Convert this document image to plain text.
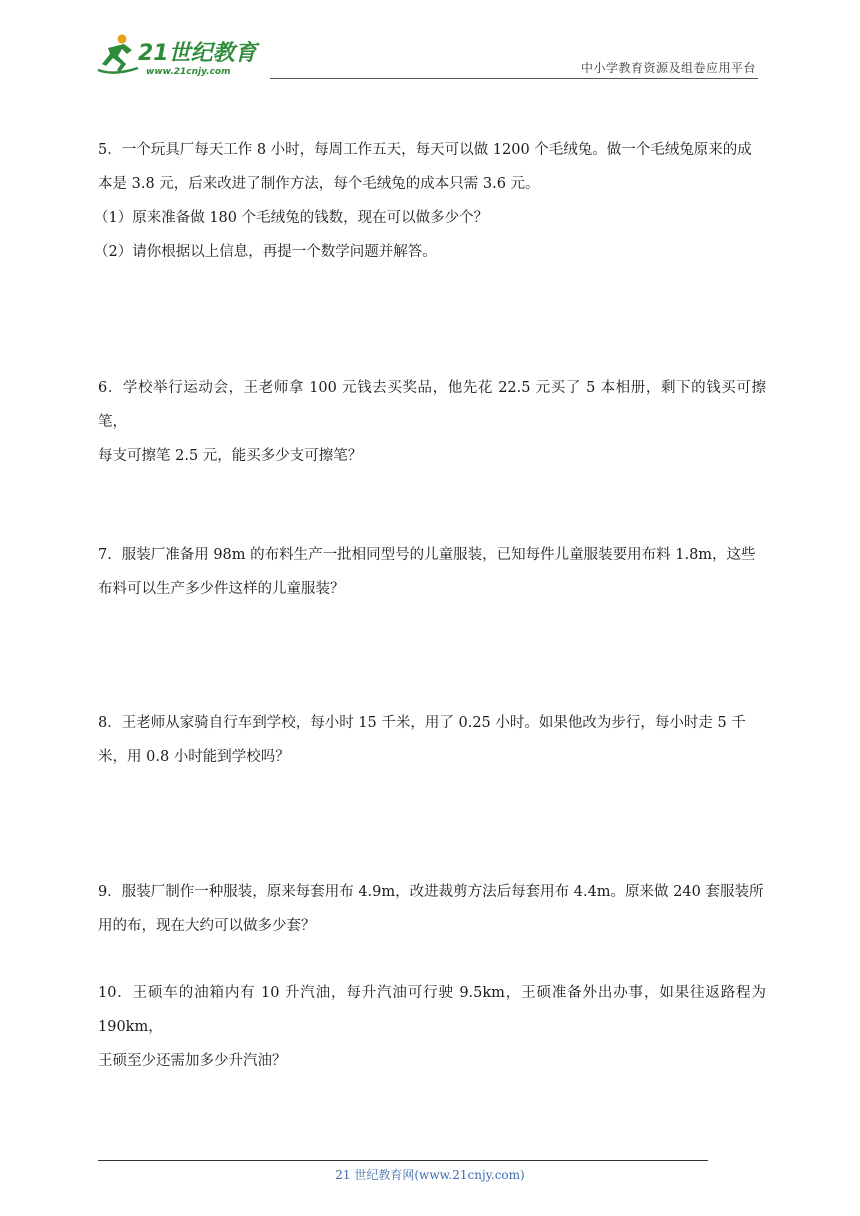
21世纪教育
www.21cnjy.com	中小学教育资源及组卷应用平台

5．一个玩具厂每天工作 8 小时，每周工作五天，每天可以做 1200 个毛绒兔。做一个毛绒兔原来的成

本是 3.8 元，后来改进了制作方法，每个毛绒兔的成本只需 3.6 元。

（1）原来准备做 180 个毛绒兔的钱数，现在可以做多少个？

（2）请你根据以上信息，再提一个数学问题并解答。

6．学校举行运动会，王老师拿 100 元钱去买奖品，他先花 22.5 元买了 5 本相册，剩下的钱买可擦笔，

每支可擦笔 2.5 元，能买多少支可擦笔？

7．服装厂准备用 98m 的布料生产一批相同型号的儿童服装，已知每件儿童服装要用布料 1.8m，这些

布料可以生产多少件这样的儿童服装？

8．王老师从家骑自行车到学校，每小时 15 千米，用了 0.25 小时。如果他改为步行，每小时走 5 千

米，用 0.8 小时能到学校吗？

9．服装厂制作一种服装，原来每套用布 4.9m，改进裁剪方法后每套用布 4.4m。原来做 240 套服装所

用的布，现在大约可以做多少套？

10．王硕车的油箱内有 10 升汽油，每升汽油可行驶 9.5km，王硕准备外出办事，如果往返路程为 190km，

王硕至少还需加多少升汽油？

21 世纪教育网(www.21cnjy.com)
